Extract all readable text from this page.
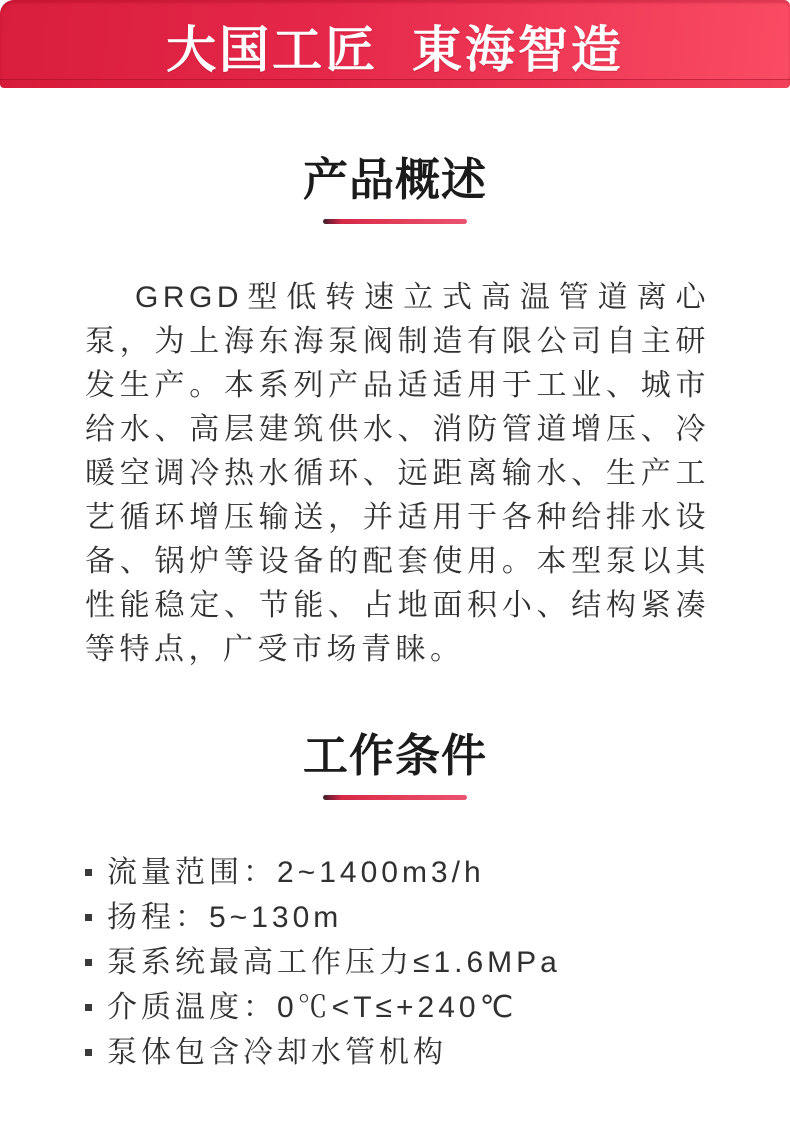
大国工匠  東海智造
产品概述

GRGD型低转速立式高温管道离心泵，为上海东海泵阀制造有限公司自主研发生产。本系列产品适适用于工业、城市给水、高层建筑供水、消防管道增压、冷暖空调冷热水循环、远距离输水、生产工艺循环增压输送，并适用于各种给排水设备、锅炉等设备的配套使用。本型泵以其性能稳定、节能、占地面积小、结构紧凑等特点，广受市场青睐。

工作条件
流量范围：2~1400m3/h
扬程：5~130m
泵系统最高工作压力≤1.6MPa
介质温度：0℃<T≤+240℃
泵体包含冷却水管机构
